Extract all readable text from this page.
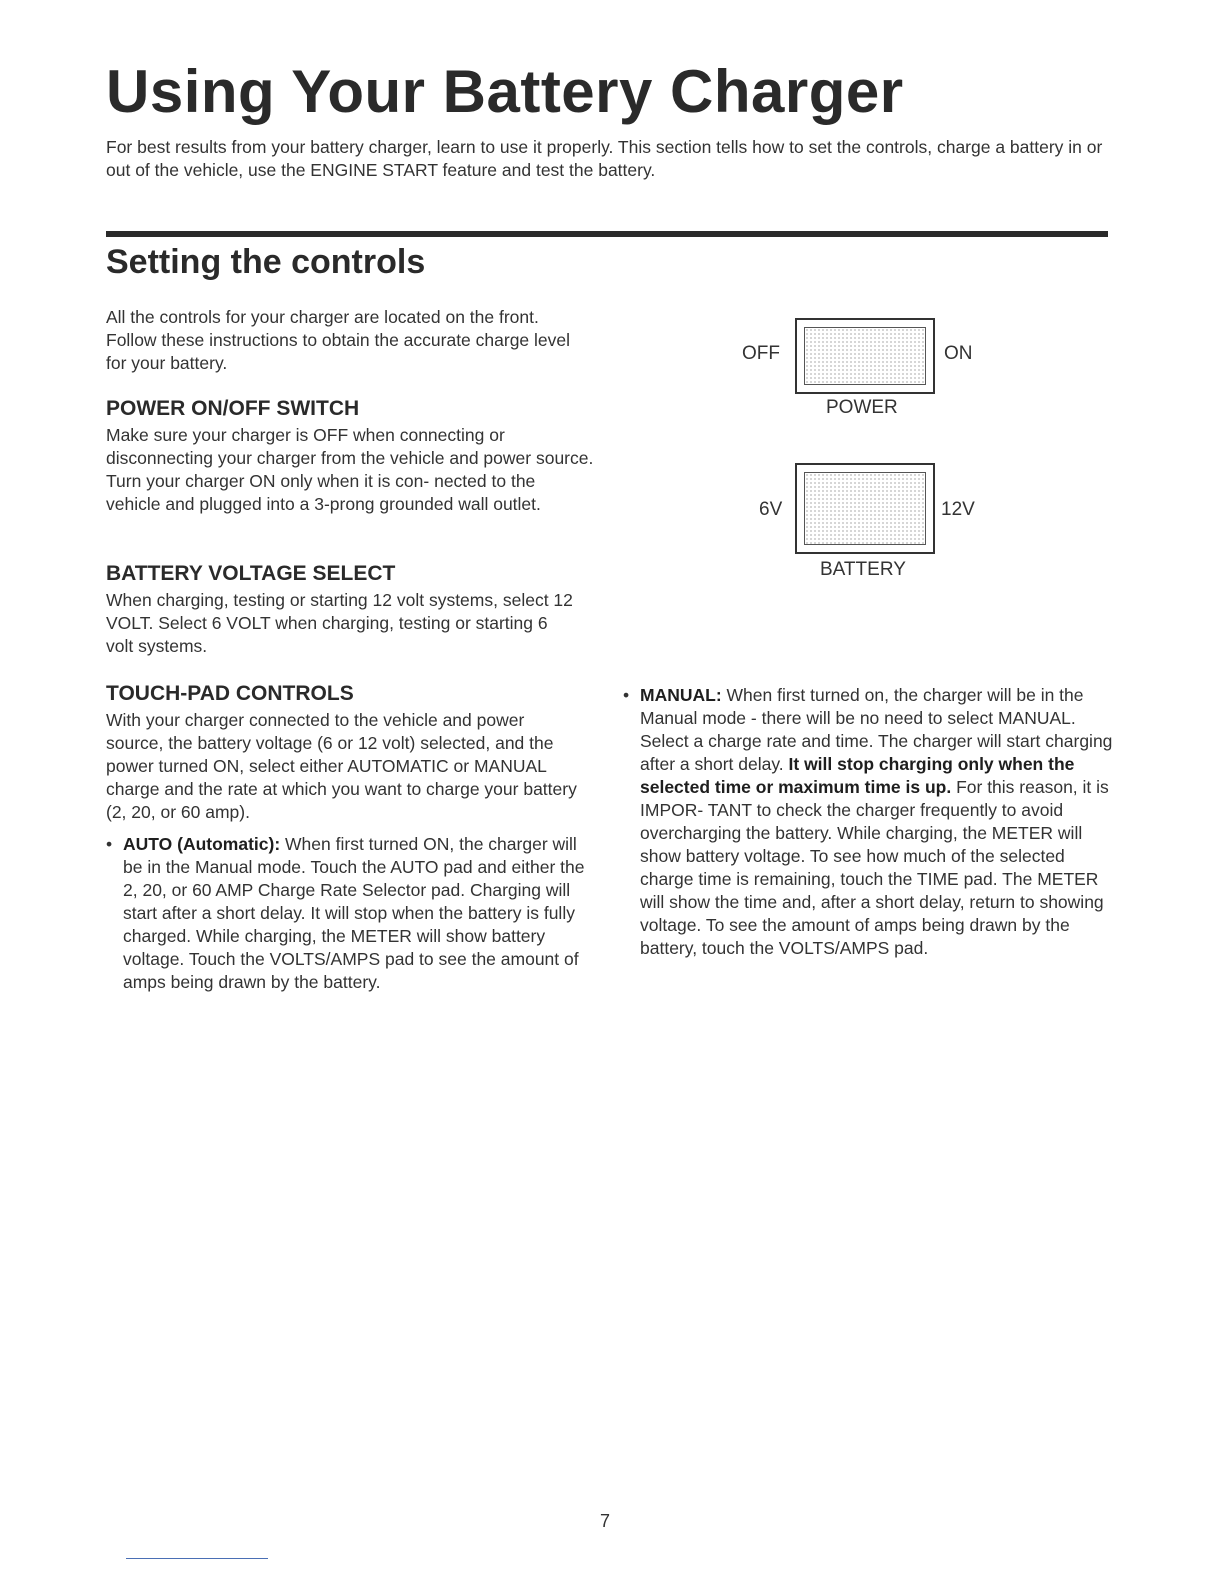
Using Your Battery Charger

For best results from your battery charger, learn to use it properly. This section tells how to set the controls, charge a battery in or out of the vehicle, use the ENGINE START feature and test the battery.

Setting the controls

All the controls for your charger are located on the front. Follow these instructions to obtain the accurate charge level for your battery.

POWER ON/OFF SWITCH

Make sure your charger is OFF when connecting or disconnecting your charger from the vehicle and power source. Turn your charger ON only when it is con- nected to the vehicle and plugged into a 3-prong grounded wall outlet.

BATTERY VOLTAGE SELECT

When charging, testing or starting 12 volt systems, select 12 VOLT. Select 6 VOLT when charging, testing or starting 6 volt systems.

TOUCH-PAD CONTROLS

With your charger connected to the vehicle and power source, the battery voltage (6 or 12 volt) selected, and the power turned ON, select either AUTOMATIC or MANUAL charge and the rate at which you want to charge your battery (2, 20, or 60 amp).

• AUTO (Automatic): When first turned ON, the charger will be in the Manual mode. Touch the AUTO pad and either the 2, 20, or 60 AMP Charge Rate Selector pad. Charging will start after a short delay. It will stop when the battery is fully charged. While charging, the METER will show battery voltage. Touch the VOLTS/AMPS pad to see the amount of amps being drawn by the battery.
OFF	ON
POWER
6V	12V
BATTERY
• MANUAL: When first turned on, the charger will be in the Manual mode - there will be no need to select MANUAL. Select a charge rate and time. The charger will start charging after a short delay. It will stop charging only when the selected time or maximum time is up. For this reason, it is IMPOR- TANT to check the charger frequently to avoid overcharging the battery. While charging, the METER will show battery voltage. To see how much of the selected charge time is remaining, touch the TIME pad. The METER will show the time and, after a short delay, return to showing voltage. To see the amount of amps being drawn by the battery, touch the VOLTS/AMPS pad.
7
